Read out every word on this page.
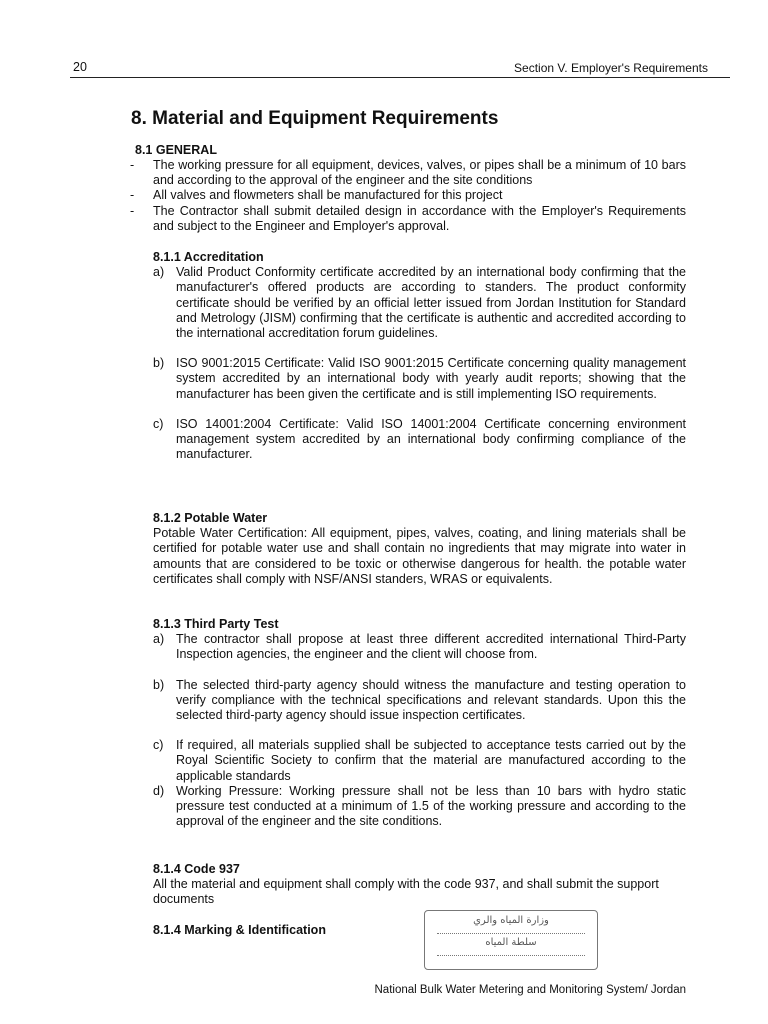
20	Section V. Employer's Requirements
8. Material and Equipment Requirements
8.1 GENERAL
- The working pressure for all equipment, devices, valves, or pipes shall be a minimum of 10 bars and according to the approval of the engineer and the site conditions
- All valves and flowmeters shall be manufactured for this project
- The Contractor shall submit detailed design in accordance with the Employer's Requirements and subject to the Engineer and Employer's approval.
8.1.1 Accreditation
a) Valid Product Conformity certificate accredited by an international body confirming that the manufacturer's offered products are according to standers. The product conformity certificate should be verified by an official letter issued from Jordan Institution for Standard and Metrology (JISM) confirming that the certificate is authentic and accredited according to the international accreditation forum guidelines.
b) ISO 9001:2015 Certificate: Valid ISO 9001:2015 Certificate concerning quality management system accredited by an international body with yearly audit reports; showing that the manufacturer has been given the certificate and is still implementing ISO requirements.
c) ISO 14001:2004 Certificate: Valid ISO 14001:2004 Certificate concerning environment management system accredited by an international body confirming compliance of the manufacturer.
8.1.2 Potable Water
Potable Water Certification: All equipment, pipes, valves, coating, and lining materials shall be certified for potable water use and shall contain no ingredients that may migrate into water in amounts that are considered to be toxic or otherwise dangerous for health. the potable water certificates shall comply with NSF/ANSI standers, WRAS or equivalents.
8.1.3 Third Party Test
a) The contractor shall propose at least three different accredited international Third-Party Inspection agencies, the engineer and the client will choose from.
b) The selected third-party agency should witness the manufacture and testing operation to verify compliance with the technical specifications and relevant standards. Upon this the selected third-party agency should issue inspection certificates.
c) If required, all materials supplied shall be subjected to acceptance tests carried out by the Royal Scientific Society to confirm that the material are manufactured according to the applicable standards
d) Working Pressure: Working pressure shall not be less than 10 bars with hydro static pressure test conducted at a minimum of 1.5 of the working pressure and according to the approval of the engineer and the site conditions.
8.1.4 Code 937
All the material and equipment shall comply with the code 937, and shall submit the support documents
8.1.4 Marking & Identification
وزارة المياه والري
سلطة المياه
National Bulk Water Metering and Monitoring System/ Jordan
